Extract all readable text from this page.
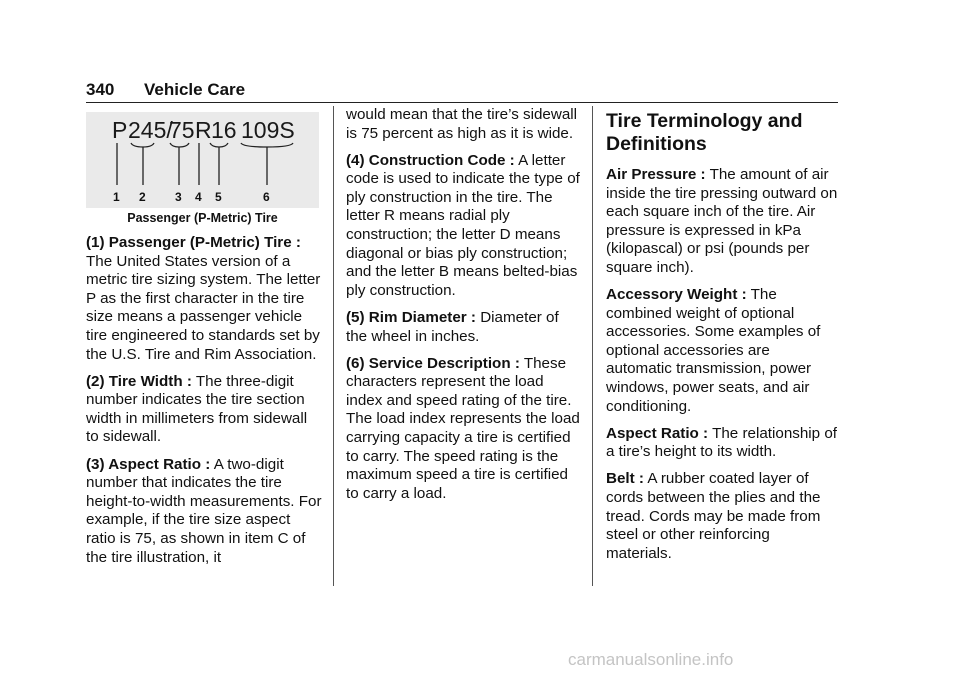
340 Vehicle Care
P 245/
75 R 16 109S
1 2 3 4 5	6
Passenger (P-Metric) Tire

(1) Passenger (P-Metric) Tire :
The United States version of a metric tire sizing system. The letter P as the first character in the tire size means a passenger vehicle tire engineered to standards set by the U.S. Tire and Rim Association.

(2) Tire Width : The three-digit number indicates the tire section width in millimeters from sidewall to sidewall.

(3) Aspect Ratio : A two-digit number that indicates the tire height-to-width measurements. For example, if the tire size aspect ratio is 75, as shown in item C of the tire illustration, it

would mean that the tire’s sidewall is 75 percent as high as it is wide.

(4) Construction Code : A letter code is used to indicate the type of ply construction in the tire. The letter R means radial ply construction; the letter D means diagonal or bias ply construction; and the letter B means belted-bias ply construction.

(5) Rim Diameter : Diameter of the wheel in inches.

(6) Service Description : These characters represent the load index and speed rating of the tire. The load index represents the load carrying capacity a tire is certified to carry. The speed rating is the maximum speed a tire is certified to carry a load.

Tire Terminology and Definitions

Air Pressure : The amount of air inside the tire pressing outward on each square inch of the tire. Air pressure is expressed in kPa (kilopascal) or psi (pounds per square inch).

Accessory Weight : The combined weight of optional accessories. Some examples of optional accessories are automatic transmission, power windows, power seats, and air conditioning.

Aspect Ratio : The relationship of a tire’s height to its width.

Belt : A rubber coated layer of cords between the plies and the tread. Cords may be made from steel or other reinforcing materials.

carmanualsonline.info
